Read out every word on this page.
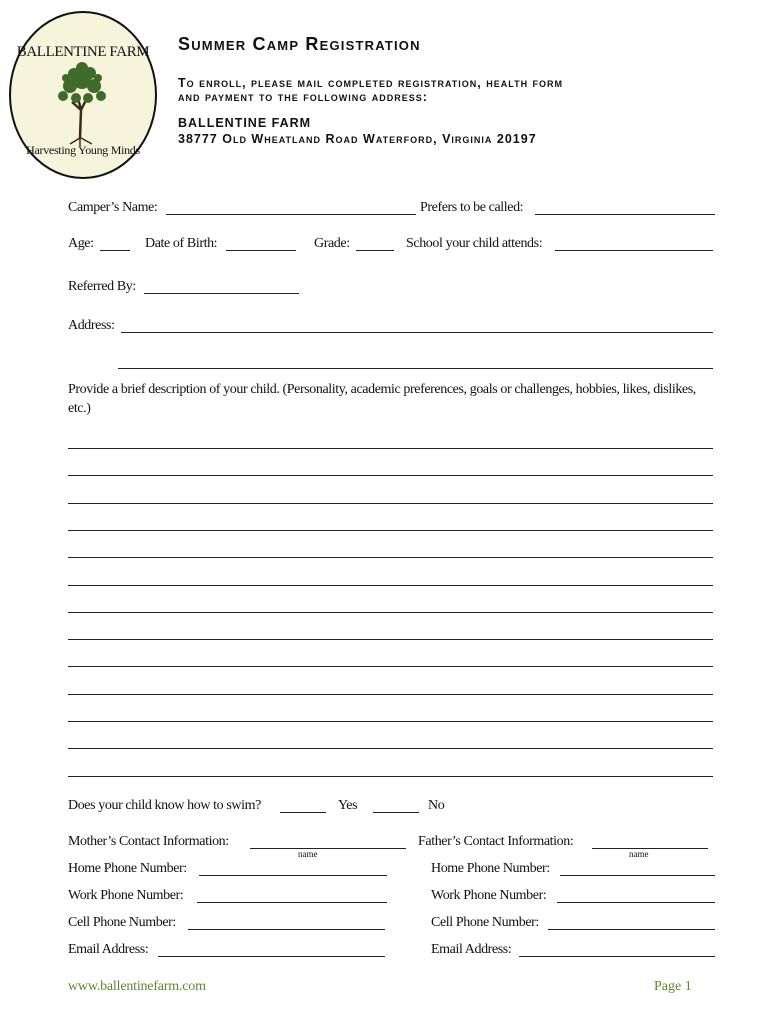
BALLENTINE FARM
Harvesting Young Minds
Summer Camp Registration
To enroll, please mail completed registration, health form
and payment to the following address:
BALLENTINE FARM
38777 Old Wheatland Road Waterford, Virginia 20197
Camper’s Name:	Prefers to be called:
Age:	Date of Birth:	Grade:	School your child attends:
Referred By:
Address:
Provide a brief description of your child. (Personality, academic preferences, goals or challenges, hobbies, likes, dislikes, etc.)
Does your child know how to swim?	Yes	No
Mother’s Contact Information:
name
Father’s Contact Information:
name
Home Phone Number:	Home Phone Number:
Work Phone Number:	Work Phone Number:
Cell Phone Number:	Cell Phone Number:
Email Address:	Email Address:
www.ballentinefarm.com	Page 1
